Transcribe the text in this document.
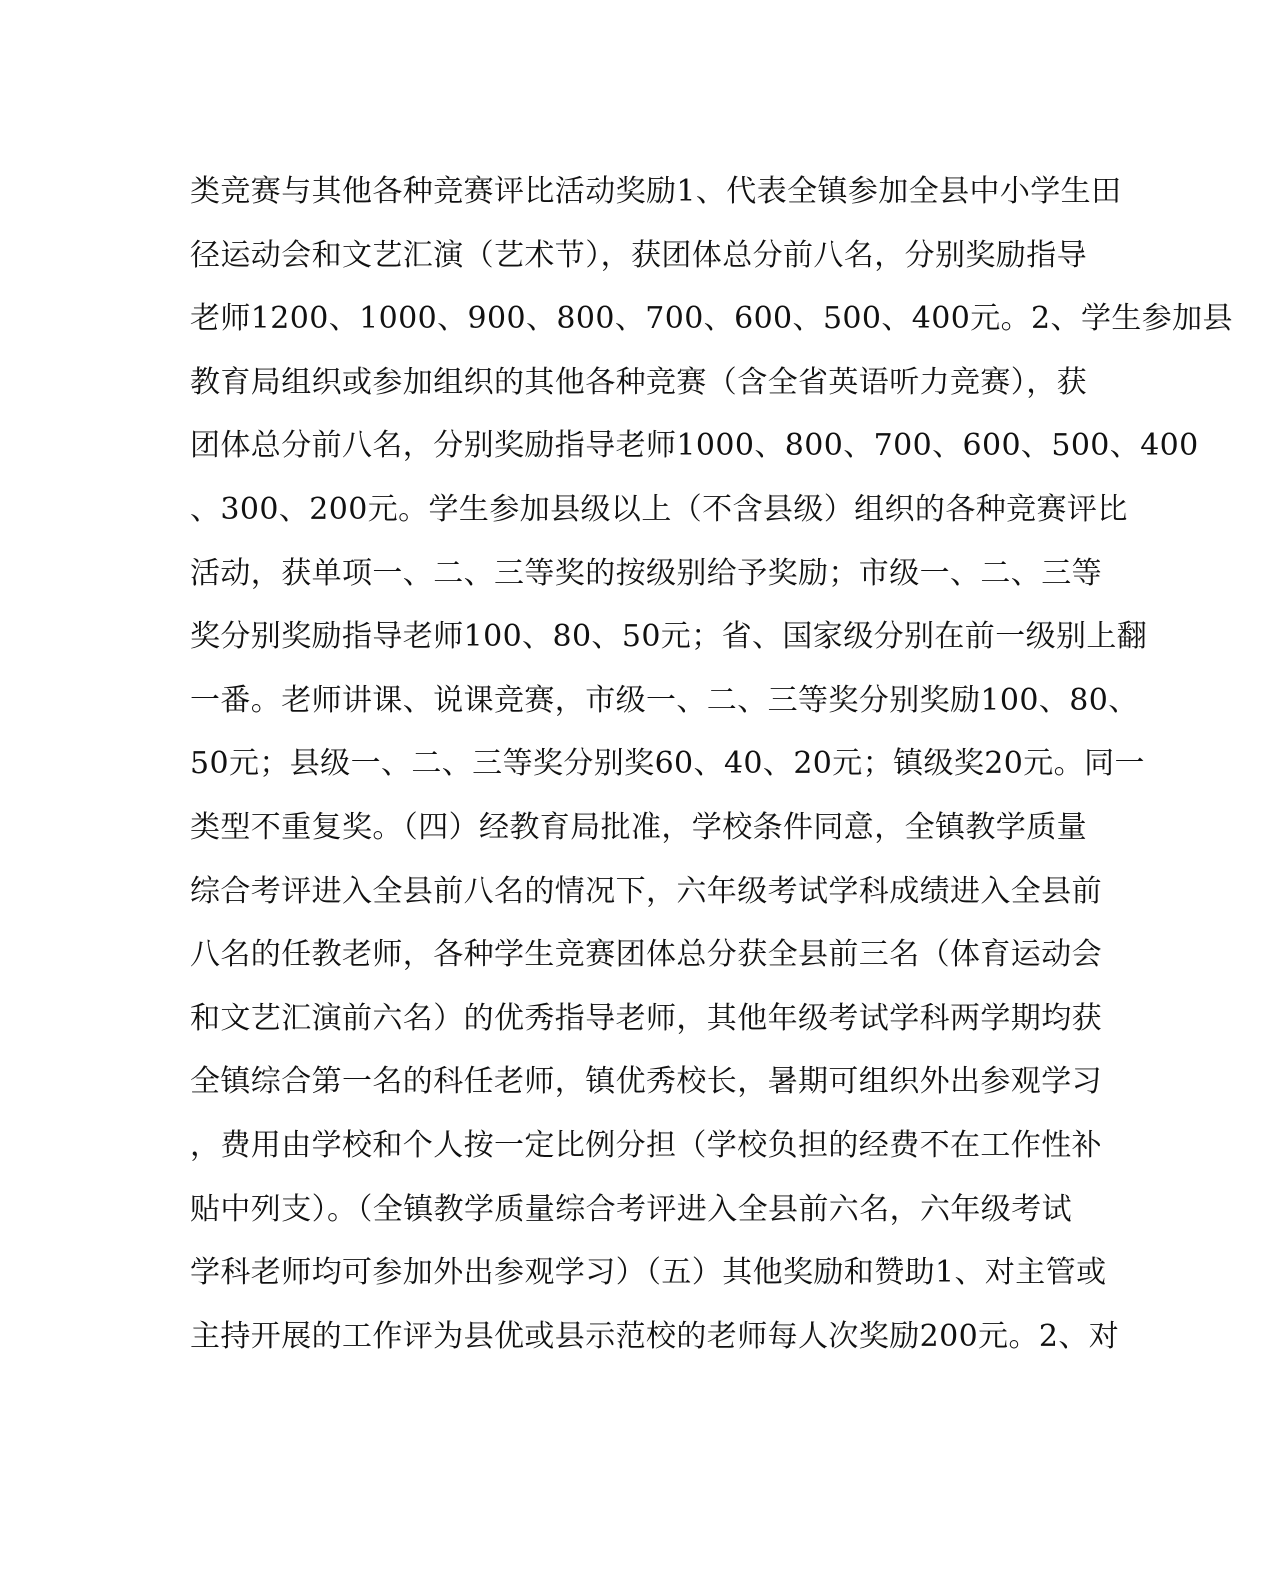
类竞赛与其他各种竞赛评比活动奖励1、代表全镇参加全县中小学生田
径运动会和文艺汇演（艺术节），获团体总分前八名，分别奖励指导
老师1200、1000、900、800、700、600、500、400元。2、学生参加县
教育局组织或参加组织的其他各种竞赛（含全省英语听力竞赛），获
团体总分前八名，分别奖励指导老师1000、800、700、600、500、400
、300、200元。学生参加县级以上（不含县级）组织的各种竞赛评比
活动，获单项一、二、三等奖的按级别给予奖励；市级一、二、三等
奖分别奖励指导老师100、80、50元；省、国家级分别在前一级别上翻
一番。老师讲课、说课竞赛，市级一、二、三等奖分别奖励100、80、
50元；县级一、二、三等奖分别奖60、40、20元；镇级奖20元。同一
类型不重复奖。（四）经教育局批准，学校条件同意，全镇教学质量
综合考评进入全县前八名的情况下，六年级考试学科成绩进入全县前
八名的任教老师，各种学生竞赛团体总分获全县前三名（体育运动会
和文艺汇演前六名）的优秀指导老师，其他年级考试学科两学期均获
全镇综合第一名的科任老师，镇优秀校长，暑期可组织外出参观学习
，费用由学校和个人按一定比例分担（学校负担的经费不在工作性补
贴中列支）。（全镇教学质量综合考评进入全县前六名，六年级考试
学科老师均可参加外出参观学习）（五）其他奖励和赞助1、对主管或
主持开展的工作评为县优或县示范校的老师每人次奖励200元。2、对
